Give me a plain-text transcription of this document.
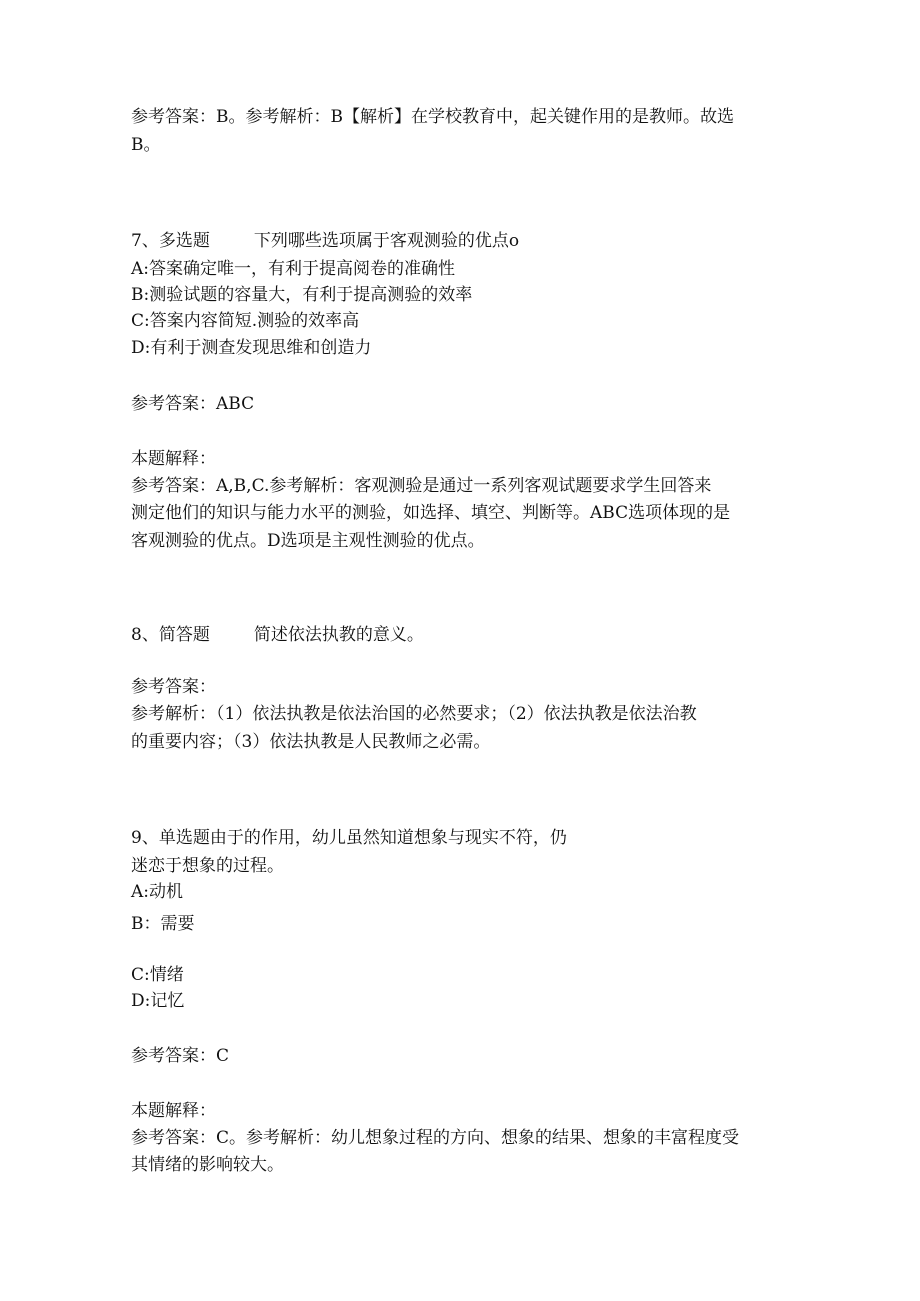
参考答案：B。参考解析：B【解析】在学校教育中，起关键作用的是教师。故选
B。
7、多选题	下列哪些选项属于客观测验的优点o
A:答案确定唯一，有利于提高阅卷的准确性
B:测验试题的容量大，有利于提高测验的效率
C:答案内容简短.测验的效率高
D:有利于测查发现思维和创造力
参考答案：ABC
本题解释：
参考答案：A,B,C.参考解析：客观测验是通过一系列客观试题要求学生回答来
测定他们的知识与能力水平的测验，如选择、填空、判断等。ABC选项体现的是
客观测验的优点。D选项是主观性测验的优点。
8、简答题	简述依法执教的意义。
参考答案：
参考解析：（1）依法执教是依法治国的必然要求；（2）依法执教是依法治教
的重要内容；（3）依法执教是人民教师之必需。
9、单选题由于的作用，幼儿虽然知道想象与现实不符，仍
迷恋于想象的过程。
A:动机
B：需要
C:情绪
D:记忆
参考答案：C
本题解释：
参考答案：C。参考解析：幼儿想象过程的方向、想象的结果、想象的丰富程度受
其情绪的影响较大。
